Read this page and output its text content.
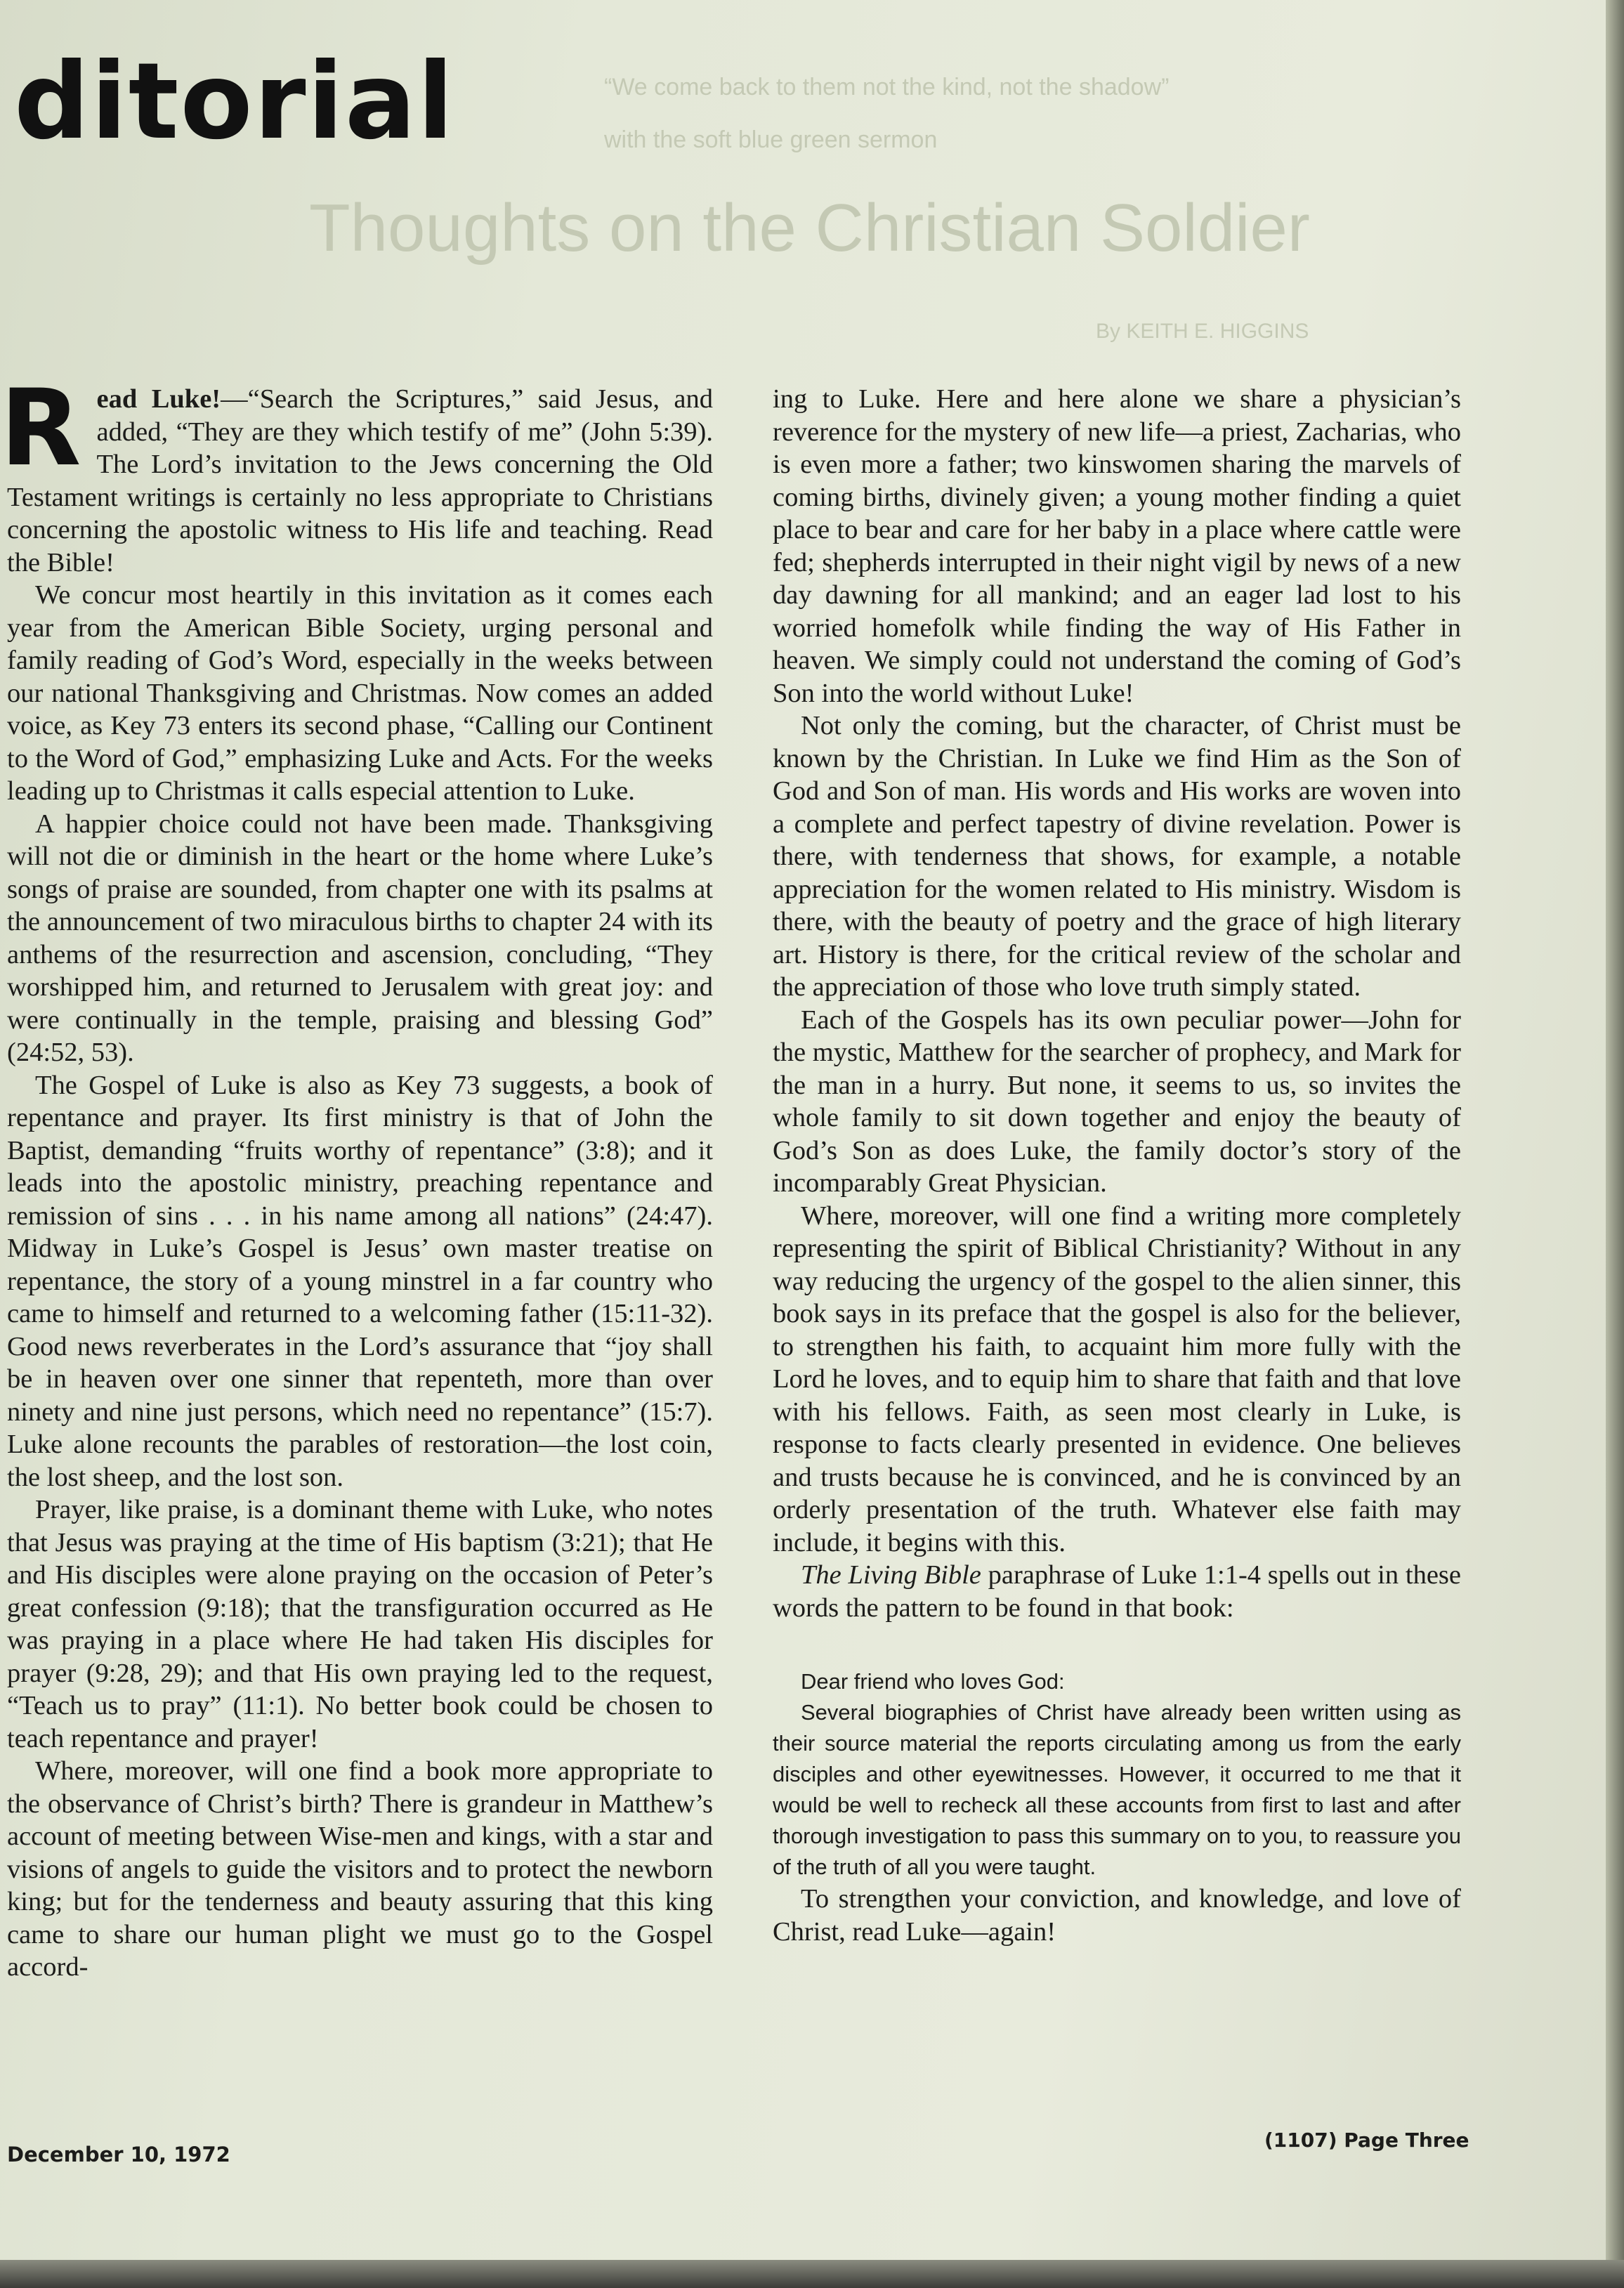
“We come back to them not the kind, not the shadow”
with the soft blue green sermon
Thoughts on the Christian Soldier
By KEITH E. HIGGINS
ditorial

Read Luke!—“Search the Scriptures,” said Jesus, and added, “They are they which testify of me” (John 5:39). The Lord’s invitation to the Jews concerning the Old Testament writings is certainly no less appropriate to Christians concerning the apostolic witness to His life and teaching. Read the Bible!

We concur most heartily in this invitation as it comes each year from the American Bible Society, urging personal and family reading of God’s Word, especially in the weeks between our national Thanksgiving and Christmas. Now comes an added voice, as Key 73 enters its second phase, “Calling our Continent to the Word of God,” emphasizing Luke and Acts. For the weeks leading up to Christmas it calls especial attention to Luke.

A happier choice could not have been made. Thanksgiving will not die or diminish in the heart or the home where Luke’s songs of praise are sounded, from chapter one with its psalms at the announcement of two miraculous births to chapter 24 with its anthems of the resurrection and ascension, concluding, “They worshipped him, and returned to Jerusalem with great joy: and were continually in the temple, praising and blessing God” (24:52, 53).

The Gospel of Luke is also as Key 73 suggests, a book of repentance and prayer. Its first ministry is that of John the Baptist, demanding “fruits worthy of repentance” (3:8); and it leads into the apostolic ministry, preaching repentance and remission of sins . . . in his name among all nations” (24:47). Midway in Luke’s Gospel is Jesus’ own master treatise on repentance, the story of a young minstrel in a far country who came to himself and returned to a welcoming father (15:11-32). Good news reverberates in the Lord’s assurance that “joy shall be in heaven over one sinner that repenteth, more than over ninety and nine just persons, which need no repentance” (15:7). Luke alone recounts the parables of restoration—the lost coin, the lost sheep, and the lost son.

Prayer, like praise, is a dominant theme with Luke, who notes that Jesus was praying at the time of His baptism (3:21); that He and His disciples were alone praying on the occasion of Peter’s great confession (9:18); that the transfiguration occurred as He was praying in a place where He had taken His disciples for prayer (9:28, 29); and that His own praying led to the request, “Teach us to pray” (11:1). No better book could be chosen to teach repentance and prayer!

Where, moreover, will one find a book more appropriate to the observance of Christ’s birth? There is grandeur in Matthew’s account of meeting between Wise-men and kings, with a star and visions of angels to guide the visitors and to protect the newborn king; but for the tenderness and beauty assuring that this king came to share our human plight we must go to the Gospel accord-

ing to Luke. Here and here alone we share a physician’s reverence for the mystery of new life—a priest, Zacharias, who is even more a father; two kinswomen sharing the marvels of coming births, divinely given; a young mother finding a quiet place to bear and care for her baby in a place where cattle were fed; shepherds interrupted in their night vigil by news of a new day dawning for all mankind; and an eager lad lost to his worried homefolk while finding the way of His Father in heaven. We simply could not understand the coming of God’s Son into the world without Luke!

Not only the coming, but the character, of Christ must be known by the Christian. In Luke we find Him as the Son of God and Son of man. His words and His works are woven into a complete and perfect tapestry of divine revelation. Power is there, with tenderness that shows, for example, a notable appreciation for the women related to His ministry. Wisdom is there, with the beauty of poetry and the grace of high literary art. History is there, for the critical review of the scholar and the appreciation of those who love truth simply stated.

Each of the Gospels has its own peculiar power—John for the mystic, Matthew for the searcher of prophecy, and Mark for the man in a hurry. But none, it seems to us, so invites the whole family to sit down together and enjoy the beauty of God’s Son as does Luke, the family doctor’s story of the incomparably Great Physician.

Where, moreover, will one find a writing more completely representing the spirit of Biblical Christianity? Without in any way reducing the urgency of the gospel to the alien sinner, this book says in its preface that the gospel is also for the believer, to strengthen his faith, to acquaint him more fully with the Lord he loves, and to equip him to share that faith and that love with his fellows. Faith, as seen most clearly in Luke, is response to facts clearly presented in evidence. One believes and trusts because he is convinced, and he is convinced by an orderly presentation of the truth. Whatever else faith may include, it begins with this.

The Living Bible paraphrase of Luke 1:1-4 spells out in these words the pattern to be found in that book:

Dear friend who loves God:

Several biographies of Christ have already been written using as their source material the reports circulating among us from the early disciples and other eyewitnesses. However, it occurred to me that it would be well to recheck all these accounts from first to last and after thorough investigation to pass this summary on to you, to reassure you of the truth of all you were taught.

To strengthen your conviction, and knowledge, and love of Christ, read Luke—again!

December 10, 1972
(1107) Page Three
